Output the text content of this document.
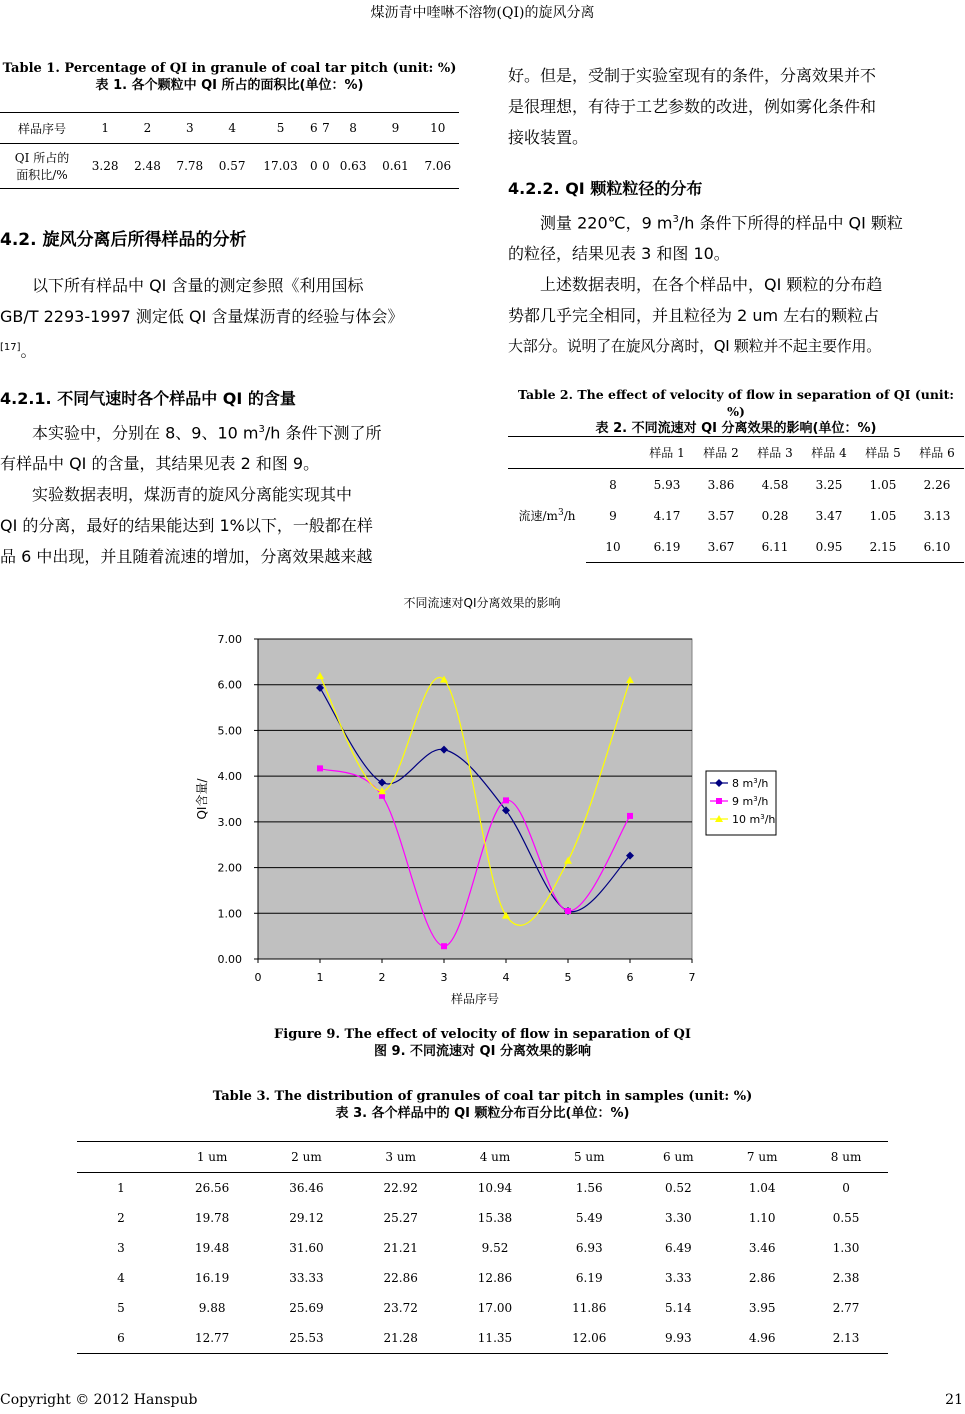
煤沥青中喹啉不溶物(QI)的旋风分离
Table 1. Percentage of QI in granule of coal tar pitch (unit: %)
表 1. 各个颗粒中 QI 所占的面积比(单位：%)
样品序号	1	2	3	4	5	6	7	8	9	10

QI 所占的
面积比/%	3.28	2.48	7.78	0.57	17.03	0	0	0.63	0.61	7.06
4.2. 旋风分离后所得样品的分析
以下所有样品中 QI 含量的测定参照《利用国标
GB/T 2293-1997 测定低 QI 含量煤沥青的经验与体会》
[17]。
4.2.1. 不同气速时各个样品中 QI 的含量
本实验中，分别在 8、9、10 $m^3/h$ 条件下测了所
有样品中 QI 的含量，其结果见表 2 和图 9。
实验数据表明，煤沥青的旋风分离能实现其中
QI 的分离，最好的结果能达到 1%以下，一般都在样
品 6 中出现，并且随着流速的增加，分离效果越来越
好。但是，受制于实验室现有的条件，分离效果并不
是很理想，有待于工艺参数的改进，例如雾化条件和
接收装置。
4.2.2. QI 颗粒粒径的分布
测量 220℃，9 $m^3/h$ 条件下所得的样品中 QI 颗粒
的粒径，结果见表 3 和图 10。
上述数据表明，在各个样品中，QI 颗粒的分布趋
势都几乎完全相同，并且粒径为 2 um 左右的颗粒占
大部分。说明了在旋风分离时，QI 颗粒并不起主要作用。
Table 2. The effect of velocity of flow in separation of QI (unit: %)
表 2. 不同流速对 QI 分离效果的影响(单位：%)
		样品 1	样品 2	样品 3	样品 4	样品 5	样品 6
流速$/m^3/h$	8	5.93	3.86	4.58	3.25	1.05	2.26
	9	4.17	3.57	0.28	3.47	1.05	3.13
	10	6.19	3.67	6.11	0.95	2.15	6.10
不同流速对QI分离效果的影响
0.00
1.00
2.00
3.00
4.00
5.00
6.00
7.00
0	1	2	3	4	5	6	7
样品序号
QI含量/	8 $m^3/h$
9 $m^3/h$
10 $m^3/h$
Figure 9. The effect of velocity of flow in separation of QI
图 9. 不同流速对 QI 分离效果的影响
Table 3. The distribution of granules of coal tar pitch in samples (unit: %)
表 3. 各个样品中的 QI 颗粒分布百分比(单位：%)
	1 um	2 um	3 um	4 um	5 um	6 um	7 um	8 um
1	26.56	36.46	22.92	10.94	1.56	0.52	1.04	0
2	19.78	29.12	25.27	15.38	5.49	3.30	1.10	0.55
3	19.48	31.60	21.21	9.52	6.93	6.49	3.46	1.30
4	16.19	33.33	22.86	12.86	6.19	3.33	2.86	2.38
5	9.88	25.69	23.72	17.00	11.86	5.14	3.95	2.77
6	12.77	25.53	21.28	11.35	12.06	9.93	4.96	2.13
Copyright © 2012 Hanspub	21
